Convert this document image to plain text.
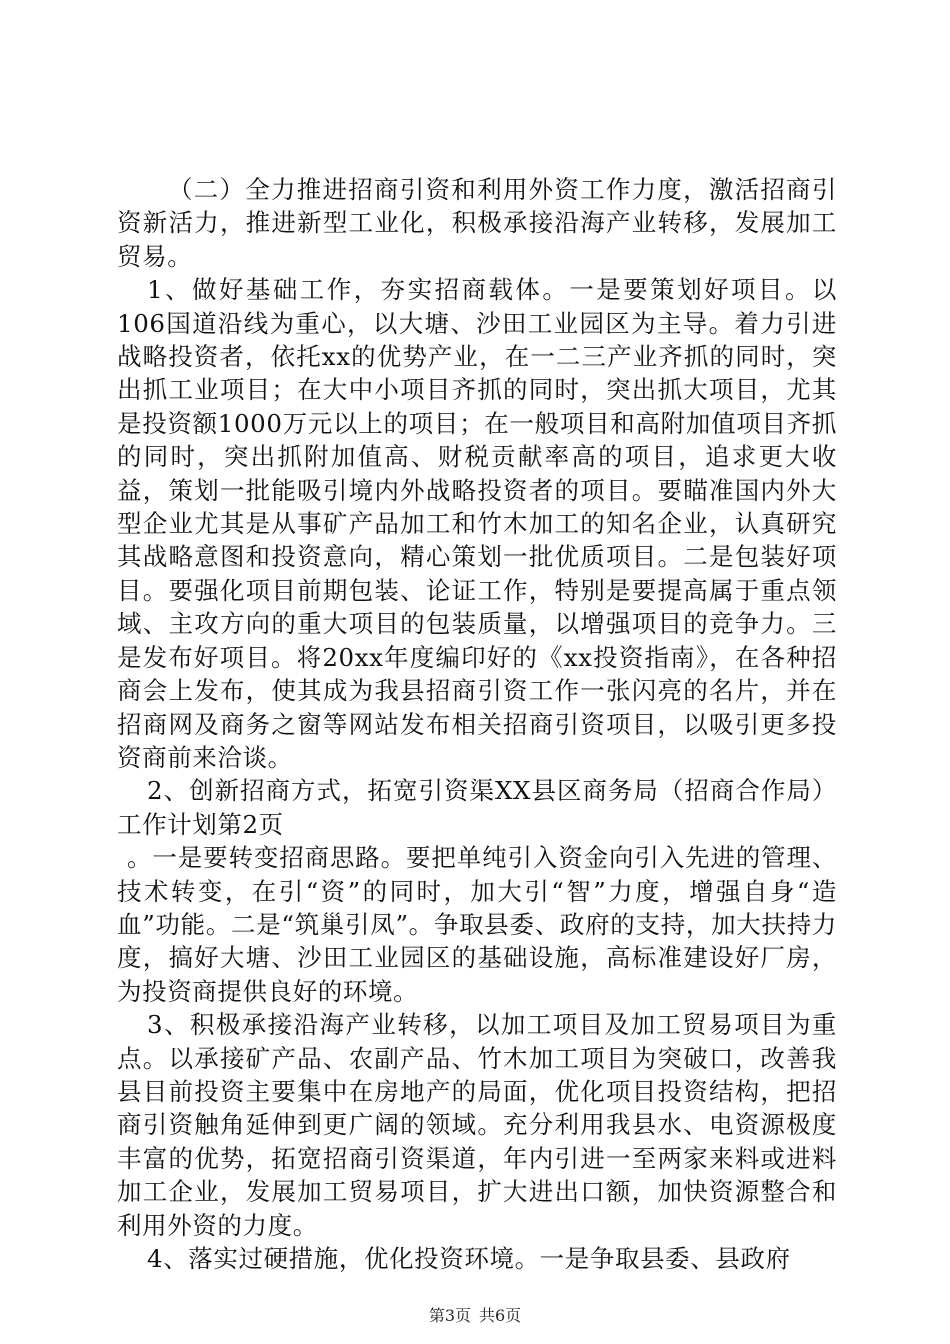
（二）全力推进招商引资和利用外资工作力度，激活招商引资新活力，推进新型工业化，积极承接沿海产业转移，发展加工贸易。

1、做好基础工作，夯实招商载体。一是要策划好项目。以106国道沿线为重心，以大塘、沙田工业园区为主导。着力引进战略投资者，依托xx的优势产业，在一二三产业齐抓的同时，突出抓工业项目；在大中小项目齐抓的同时，突出抓大项目，尤其是投资额1000万元以上的项目；在一般项目和高附加值项目齐抓的同时，突出抓附加值高、财税贡献率高的项目，追求更大收益，策划一批能吸引境内外战略投资者的项目。要瞄准国内外大型企业尤其是从事矿产品加工和竹木加工的知名企业，认真研究其战略意图和投资意向，精心策划一批优质项目。二是包装好项目。要强化项目前期包装、论证工作，特别是要提高属于重点领域、主攻方向的重大项目的包装质量，以增强项目的竞争力。三是发布好项目。将20xx年度编印好的《xx投资指南》，在各种招商会上发布，使其成为我县招商引资工作一张闪亮的名片，并在招商网及商务之窗等网站发布相关招商引资项目，以吸引更多投资商前来洽谈。

2、创新招商方式，拓宽引资渠XX县区商务局（招商合作局）工作计划第2页

。一是要转变招商思路。要把单纯引入资金向引入先进的管理、技术转变，在引“资”的同时，加大引“智”力度，增强自身“造血”功能。二是“筑巢引凤”。争取县委、政府的支持，加大扶持力度，搞好大塘、沙田工业园区的基础设施，高标准建设好厂房，为投资商提供良好的环境。

3、积极承接沿海产业转移，以加工项目及加工贸易项目为重点。以承接矿产品、农副产品、竹木加工项目为突破口，改善我县目前投资主要集中在房地产的局面，优化项目投资结构，把招商引资触角延伸到更广阔的领域。充分利用我县水、电资源极度丰富的优势，拓宽招商引资渠道，年内引进一至两家来料或进料加工企业，发展加工贸易项目，扩大进出口额，加快资源整合和利用外资的力度。

4、落实过硬措施，优化投资环境。一是争取县委、县政府

第3页 共6页
